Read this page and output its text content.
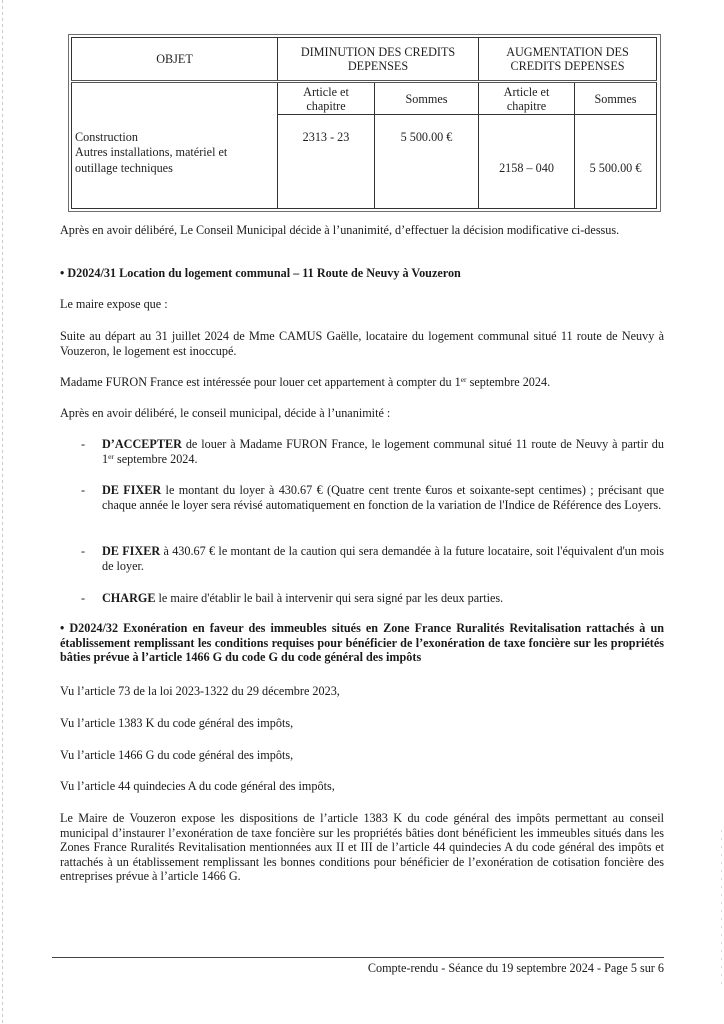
OBJET	DIMINUTION DES CREDITS DEPENSES		AUGMENTATION DES CREDITS DEPENSES	
	Article et chapitre	Sommes	Article et chapitre	Sommes

Construction
Autres installations, matériel et outillage techniques	2313 - 23	5 500.00 €	2158 – 040	5 500.00 €

Après en avoir délibéré, Le Conseil Municipal décide à l’unanimité, d’effectuer la décision modificative ci-dessus.

• D2024/31 Location du logement communal – 11 Route de Neuvy à Vouzeron

Le maire expose que :

Suite au départ au 31 juillet 2024 de Mme CAMUS Gaëlle, locataire du logement communal situé 11 route de Neuvy à Vouzeron, le logement est inoccupé.

Madame FURON France est intéressée pour louer cet appartement à compter du 1er septembre 2024.

Après en avoir délibéré, le conseil municipal, décide à l’unanimité :

- D’ACCEPTER de louer à Madame FURON France, le logement communal situé 11 route de Neuvy à partir du 1er septembre 2024.

- DE FIXER le montant du loyer à 430.67 € (Quatre cent trente €uros et soixante-sept centimes) ; précisant que chaque année le loyer sera révisé automatiquement en fonction de la variation de l'Indice de Référence des Loyers.

- DE FIXER à 430.67 € le montant de la caution qui sera demandée à la future locataire, soit l'équivalent d'un mois de loyer.

- CHARGE le maire d'établir le bail à intervenir qui sera signé par les deux parties.

• D2024/32 Exonération en faveur des immeubles situés en Zone France Ruralités Revitalisation rattachés à un établissement remplissant les conditions requises pour bénéficier de l’exonération de taxe foncière sur les propriétés bâties prévue à l’article 1466 G du code G du code général des impôts

Vu l’article 73 de la loi 2023-1322 du 29 décembre 2023,

Vu l’article 1383 K du code général des impôts,

Vu l’article 1466 G du code général des impôts,

Vu l’article 44 quindecies A du code général des impôts,

Le Maire de Vouzeron expose les dispositions de l’article 1383 K du code général des impôts permettant au conseil municipal d’instaurer l’exonération de taxe foncière sur les propriétés bâties dont bénéficient les immeubles situés dans les Zones France Ruralités Revitalisation mentionnées aux II et III de l’article 44 quindecies A du code général des impôts et rattachés à un établissement remplissant les bonnes conditions pour bénéficier de l’exonération de cotisation foncière des entreprises prévue à l’article 1466 G.

Compte-rendu - Séance du 19 septembre 2024 - Page 5 sur 6
